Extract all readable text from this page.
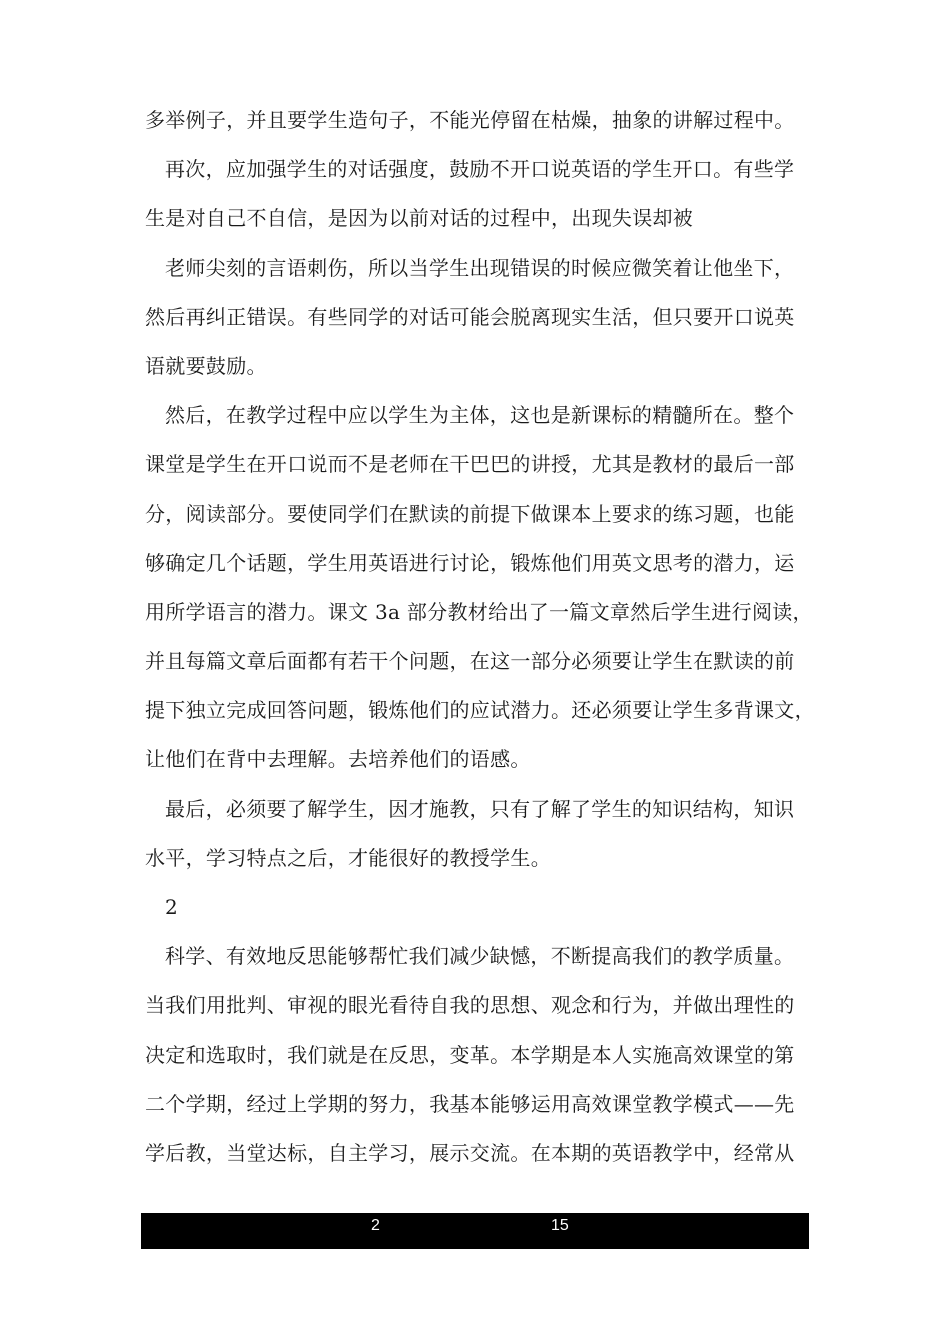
多举例子，并且要学生造句子，不能光停留在枯燥，抽象的讲解过程中。
再次，应加强学生的对话强度，鼓励不开口说英语的学生开口。有些学
生是对自己不自信，是因为以前对话的过程中，出现失误却被
老师尖刻的言语刺伤，所以当学生出现错误的时候应微笑着让他坐下，
然后再纠正错误。有些同学的对话可能会脱离现实生活，但只要开口说英
语就要鼓励。
然后，在教学过程中应以学生为主体，这也是新课标的精髓所在。整个
课堂是学生在开口说而不是老师在干巴巴的讲授，尤其是教材的最后一部
分，阅读部分。要使同学们在默读的前提下做课本上要求的练习题，也能
够确定几个话题，学生用英语进行讨论，锻炼他们用英文思考的潜力，运
用所学语言的潜力。课文 3a 部分教材给出了一篇文章然后学生进行阅读，
并且每篇文章后面都有若干个问题，在这一部分必须要让学生在默读的前
提下独立完成回答问题，锻炼他们的应试潜力。还必须要让学生多背课文，
让他们在背中去理解。去培养他们的语感。
最后，必须要了解学生，因才施教，只有了解了学生的知识结构，知识
水平，学习特点之后，才能很好的教授学生。
2
科学、有效地反思能够帮忙我们减少缺憾，不断提高我们的教学质量。
当我们用批判、审视的眼光看待自我的思想、观念和行为，并做出理性的
决定和选取时，我们就是在反思，变革。本学期是本人实施高效课堂的第
二个学期，经过上学期的努力，我基本能够运用高效课堂教学模式——先
学后教，当堂达标，自主学习，展示交流。在本期的英语教学中，经常从
2	15
